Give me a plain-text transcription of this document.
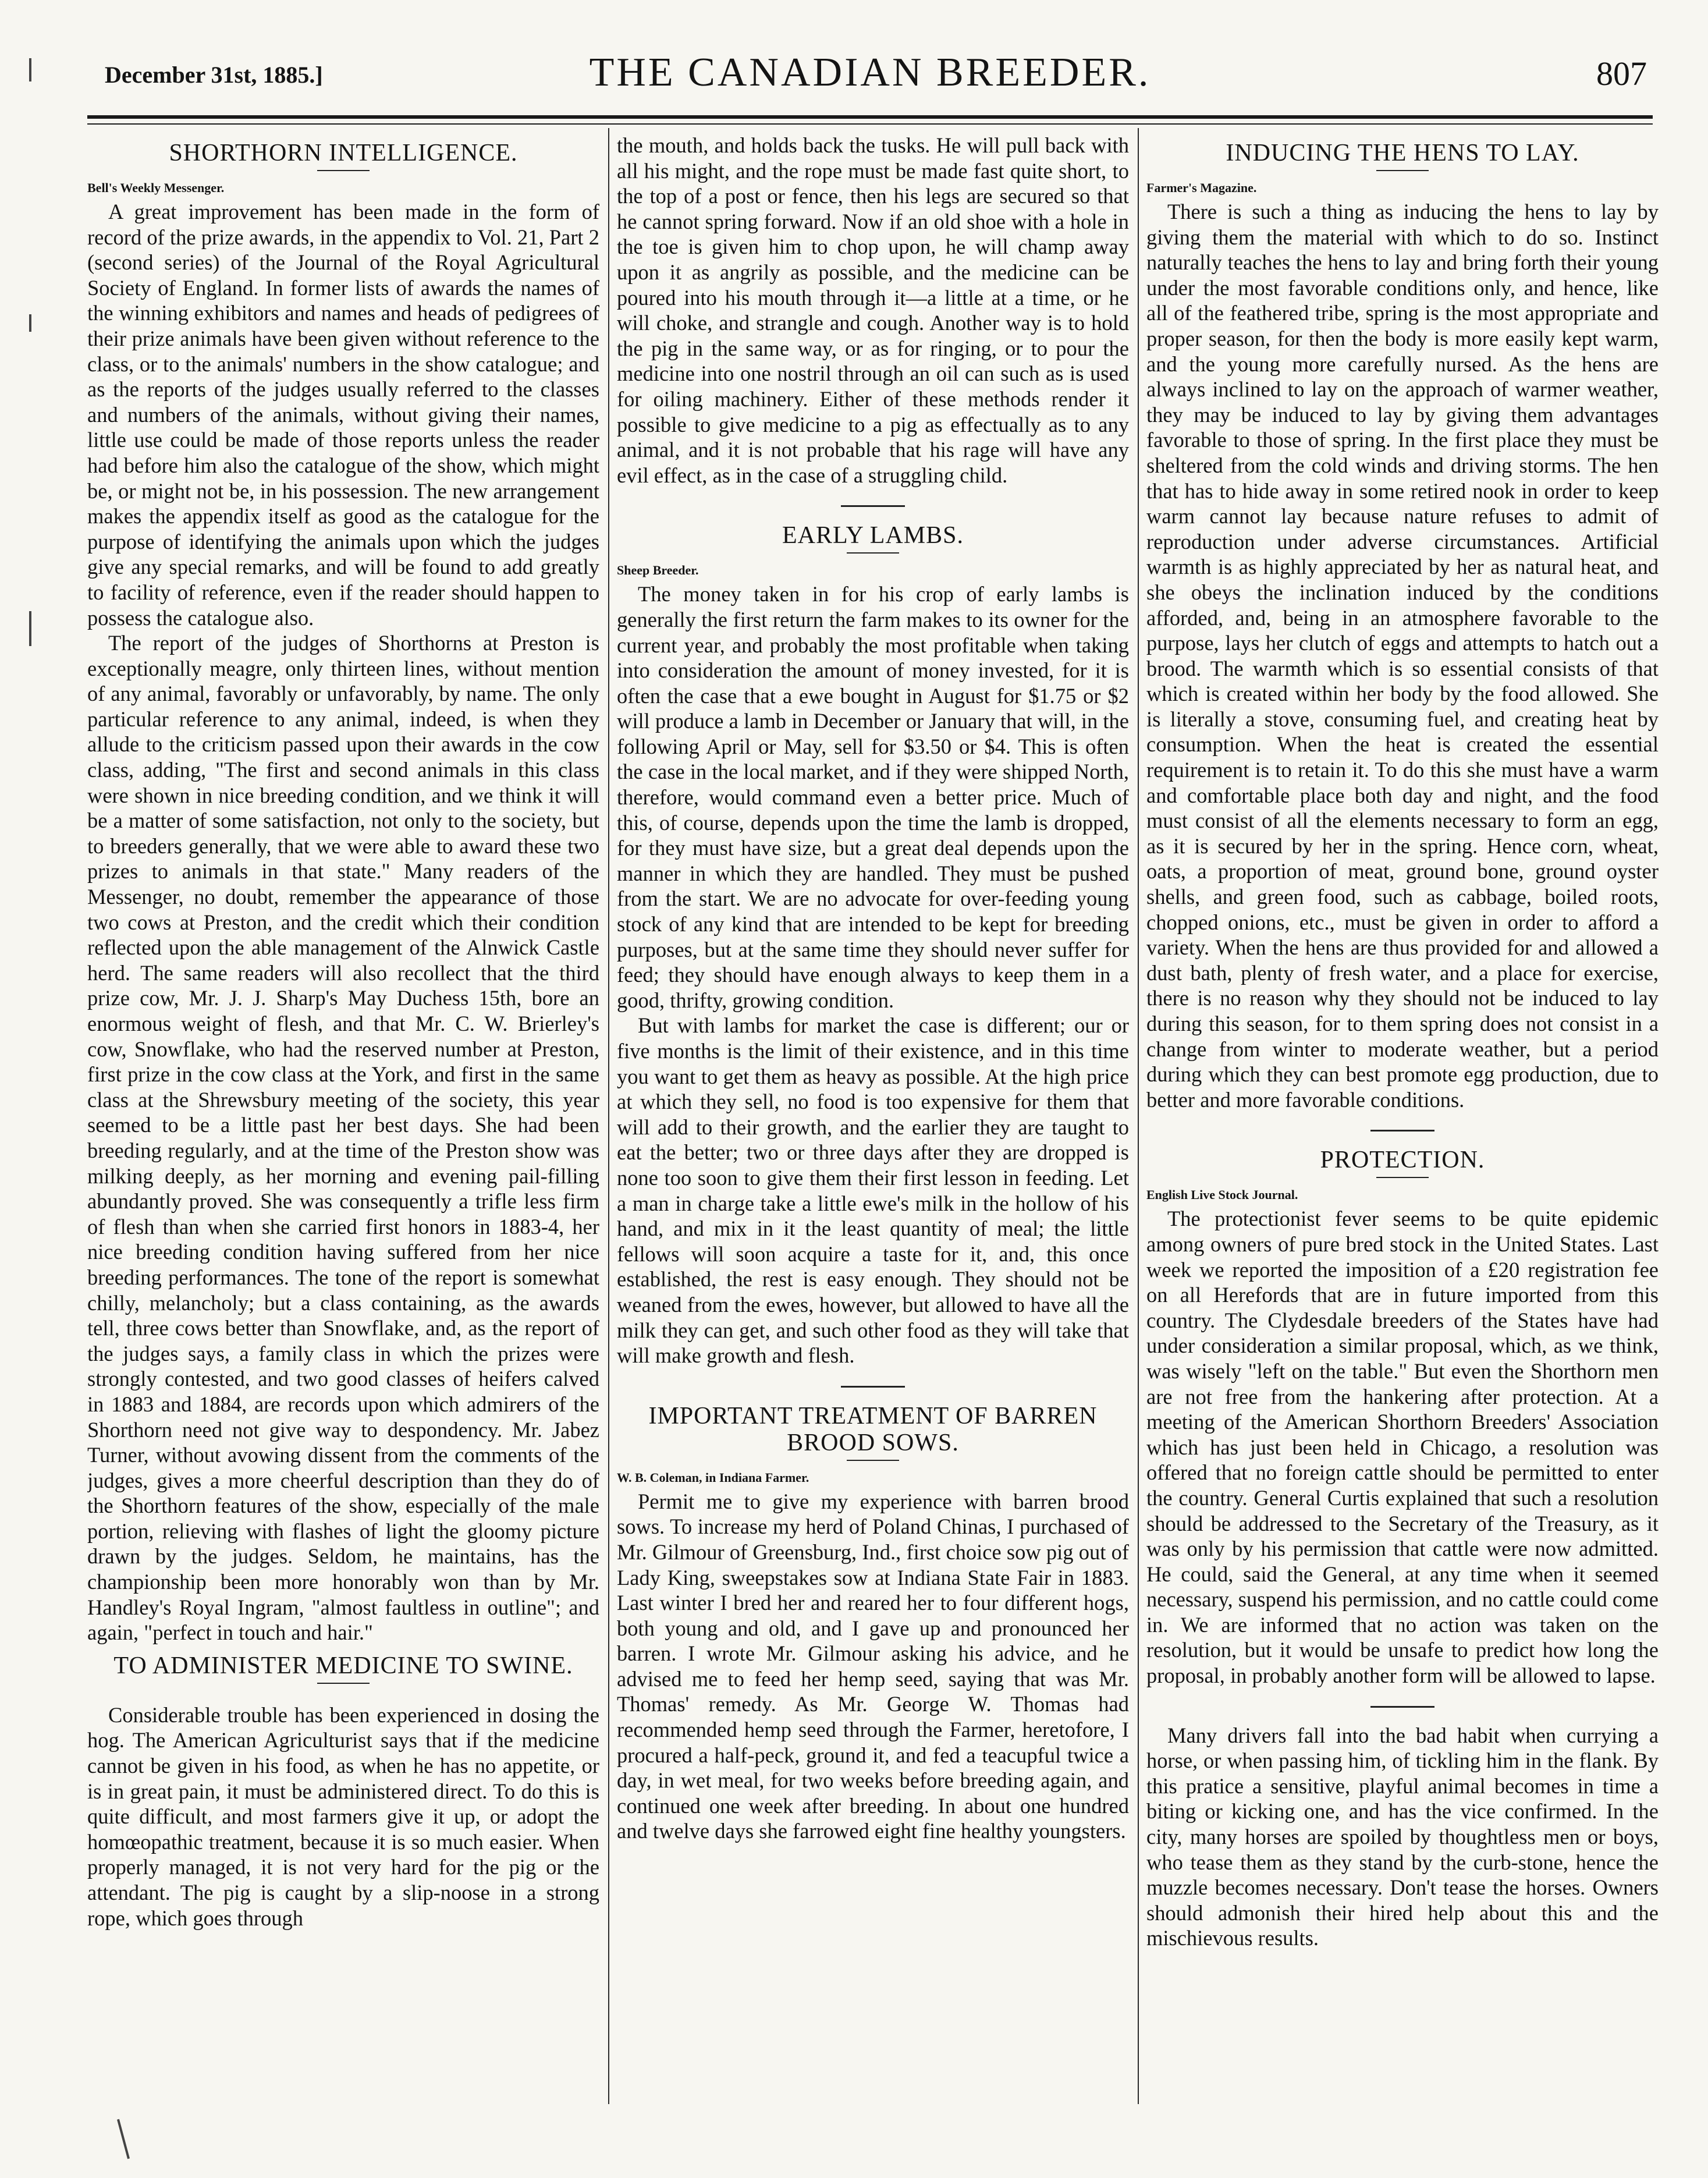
December 31st, 1885.]	THE CANADIAN BREEDER.	807
SHORTHORN INTELLIGENCE.
Bell's Weekly Messenger.

A great improvement has been made in the form of record of the prize awards, in the appendix to Vol. 21, Part 2 (second series) of the Journal of the Royal Agricultural Society of England. In former lists of awards the names of the winning exhibitors and names and heads of pedigrees of their prize animals have been given without reference to the class, or to the animals' numbers in the show catalogue; and as the reports of the judges usually referred to the classes and numbers of the animals, without giving their names, little use could be made of those reports unless the reader had before him also the catalogue of the show, which might be, or might not be, in his possession. The new arrangement makes the appendix itself as good as the catalogue for the purpose of identifying the animals upon which the judges give any special remarks, and will be found to add greatly to facility of reference, even if the reader should happen to possess the catalogue also.

The report of the judges of Shorthorns at Preston is exceptionally meagre, only thirteen lines, without mention of any animal, favorably or unfavorably, by name. The only particular reference to any animal, indeed, is when they allude to the criticism passed upon their awards in the cow class, adding, "The first and second animals in this class were shown in nice breeding condition, and we think it will be a matter of some satisfaction, not only to the society, but to breeders generally, that we were able to award these two prizes to animals in that state." Many readers of the Messenger, no doubt, remember the appearance of those two cows at Preston, and the credit which their condition reflected upon the able management of the Alnwick Castle herd. The same readers will also recollect that the third prize cow, Mr. J. J. Sharp's May Duchess 15th, bore an enormous weight of flesh, and that Mr. C. W. Brierley's cow, Snowflake, who had the reserved number at Preston, first prize in the cow class at the York, and first in the same class at the Shrewsbury meeting of the society, this year seemed to be a little past her best days. She had been breeding regularly, and at the time of the Preston show was milking deeply, as her morning and evening pail-filling abundantly proved. She was consequently a trifle less firm of flesh than when she carried first honors in 1883-4, her nice breeding condition having suffered from her nice breeding performances. The tone of the report is somewhat chilly, melancholy; but a class containing, as the awards tell, three cows better than Snowflake, and, as the report of the judges says, a family class in which the prizes were strongly contested, and two good classes of heifers calved in 1883 and 1884, are records upon which admirers of the Shorthorn need not give way to despondency. Mr. Jabez Turner, without avowing dissent from the comments of the judges, gives a more cheerful description than they do of the Shorthorn features of the show, especially of the male portion, relieving with flashes of light the gloomy picture drawn by the judges. Seldom, he maintains, has the championship been more honorably won than by Mr. Handley's Royal Ingram, "almost faultless in outline"; and again, "perfect in touch and hair."

TO ADMINISTER MEDICINE TO SWINE.

Considerable trouble has been experienced in dosing the hog. The American Agriculturist says that if the medicine cannot be given in his food, as when he has no appetite, or is in great pain, it must be administered direct. To do this is quite difficult, and most farmers give it up, or adopt the homœopathic treatment, because it is so much easier. When properly managed, it is not very hard for the pig or the attendant. The pig is caught by a slip-noose in a strong rope, which goes through

the mouth, and holds back the tusks. He will pull back with all his might, and the rope must be made fast quite short, to the top of a post or fence, then his legs are secured so that he cannot spring forward. Now if an old shoe with a hole in the toe is given him to chop upon, he will champ away upon it as angrily as possible, and the medicine can be poured into his mouth through it—a little at a time, or he will choke, and strangle and cough. Another way is to hold the pig in the same way, or as for ringing, or to pour the medicine into one nostril through an oil can such as is used for oiling machinery. Either of these methods render it possible to give medicine to a pig as effectually as to any animal, and it is not probable that his rage will have any evil effect, as in the case of a struggling child.

EARLY LAMBS.
Sheep Breeder.

The money taken in for his crop of early lambs is generally the first return the farm makes to its owner for the current year, and probably the most profitable when taking into consideration the amount of money invested, for it is often the case that a ewe bought in August for $1.75 or $2 will produce a lamb in December or January that will, in the following April or May, sell for $3.50 or $4. This is often the case in the local market, and if they were shipped North, therefore, would command even a better price. Much of this, of course, depends upon the time the lamb is dropped, for they must have size, but a great deal depends upon the manner in which they are handled. They must be pushed from the start. We are no advocate for over-feeding young stock of any kind that are intended to be kept for breeding purposes, but at the same time they should never suffer for feed; they should have enough always to keep them in a good, thrifty, growing condition.

But with lambs for market the case is different; our or five months is the limit of their existence, and in this time you want to get them as heavy as possible. At the high price at which they sell, no food is too expensive for them that will add to their growth, and the earlier they are taught to eat the better; two or three days after they are dropped is none too soon to give them their first lesson in feeding. Let a man in charge take a little ewe's milk in the hollow of his hand, and mix in it the least quantity of meal; the little fellows will soon acquire a taste for it, and, this once established, the rest is easy enough. They should not be weaned from the ewes, however, but allowed to have all the milk they can get, and such other food as they will take that will make growth and flesh.

IMPORTANT TREATMENT OF BARREN BROOD SOWS.
W. B. Coleman, in Indiana Farmer.

Permit me to give my experience with barren brood sows. To increase my herd of Poland Chinas, I purchased of Mr. Gilmour of Greensburg, Ind., first choice sow pig out of Lady King, sweepstakes sow at Indiana State Fair in 1883. Last winter I bred her and reared her to four different hogs, both young and old, and I gave up and pronounced her barren. I wrote Mr. Gilmour asking his advice, and he advised me to feed her hemp seed, saying that was Mr. Thomas' remedy. As Mr. George W. Thomas had recommended hemp seed through the Farmer, heretofore, I procured a half-peck, ground it, and fed a teacupful twice a day, in wet meal, for two weeks before breeding again, and continued one week after breeding. In about one hundred and twelve days she farrowed eight fine healthy youngsters.

INDUCING THE HENS TO LAY.
Farmer's Magazine.

There is such a thing as inducing the hens to lay by giving them the material with which to do so. Instinct naturally teaches the hens to lay and bring forth their young under the most favorable conditions only, and hence, like all of the feathered tribe, spring is the most appropriate and proper season, for then the body is more easily kept warm, and the young more carefully nursed. As the hens are always inclined to lay on the approach of warmer weather, they may be induced to lay by giving them advantages favorable to those of spring. In the first place they must be sheltered from the cold winds and driving storms. The hen that has to hide away in some retired nook in order to keep warm cannot lay because nature refuses to admit of reproduction under adverse circumstances. Artificial warmth is as highly appreciated by her as natural heat, and she obeys the inclination induced by the conditions afforded, and, being in an atmosphere favorable to the purpose, lays her clutch of eggs and attempts to hatch out a brood. The warmth which is so essential consists of that which is created within her body by the food allowed. She is literally a stove, consuming fuel, and creating heat by consumption. When the heat is created the essential requirement is to retain it. To do this she must have a warm and comfortable place both day and night, and the food must consist of all the elements necessary to form an egg, as it is secured by her in the spring. Hence corn, wheat, oats, a proportion of meat, ground bone, ground oyster shells, and green food, such as cabbage, boiled roots, chopped onions, etc., must be given in order to afford a variety. When the hens are thus provided for and allowed a dust bath, plenty of fresh water, and a place for exercise, there is no reason why they should not be induced to lay during this season, for to them spring does not consist in a change from winter to moderate weather, but a period during which they can best promote egg production, due to better and more favorable conditions.

PROTECTION.
English Live Stock Journal.

The protectionist fever seems to be quite epidemic among owners of pure bred stock in the United States. Last week we reported the imposition of a £20 registration fee on all Herefords that are in future imported from this country. The Clydesdale breeders of the States have had under consideration a similar proposal, which, as we think, was wisely "left on the table." But even the Shorthorn men are not free from the hankering after protection. At a meeting of the American Shorthorn Breeders' Association which has just been held in Chicago, a resolution was offered that no foreign cattle should be permitted to enter the country. General Curtis explained that such a resolution should be addressed to the Secretary of the Treasury, as it was only by his permission that cattle were now admitted. He could, said the General, at any time when it seemed necessary, suspend his permission, and no cattle could come in. We are informed that no action was taken on the resolution, but it would be unsafe to predict how long the proposal, in probably another form will be allowed to lapse.

Many drivers fall into the bad habit when currying a horse, or when passing him, of tickling him in the flank. By this pratice a sensitive, playful animal becomes in time a biting or kicking one, and has the vice confirmed. In the city, many horses are spoiled by thoughtless men or boys, who tease them as they stand by the curb-stone, hence the muzzle becomes necessary. Don't tease the horses. Owners should admonish their hired help about this and the mischievous results.
